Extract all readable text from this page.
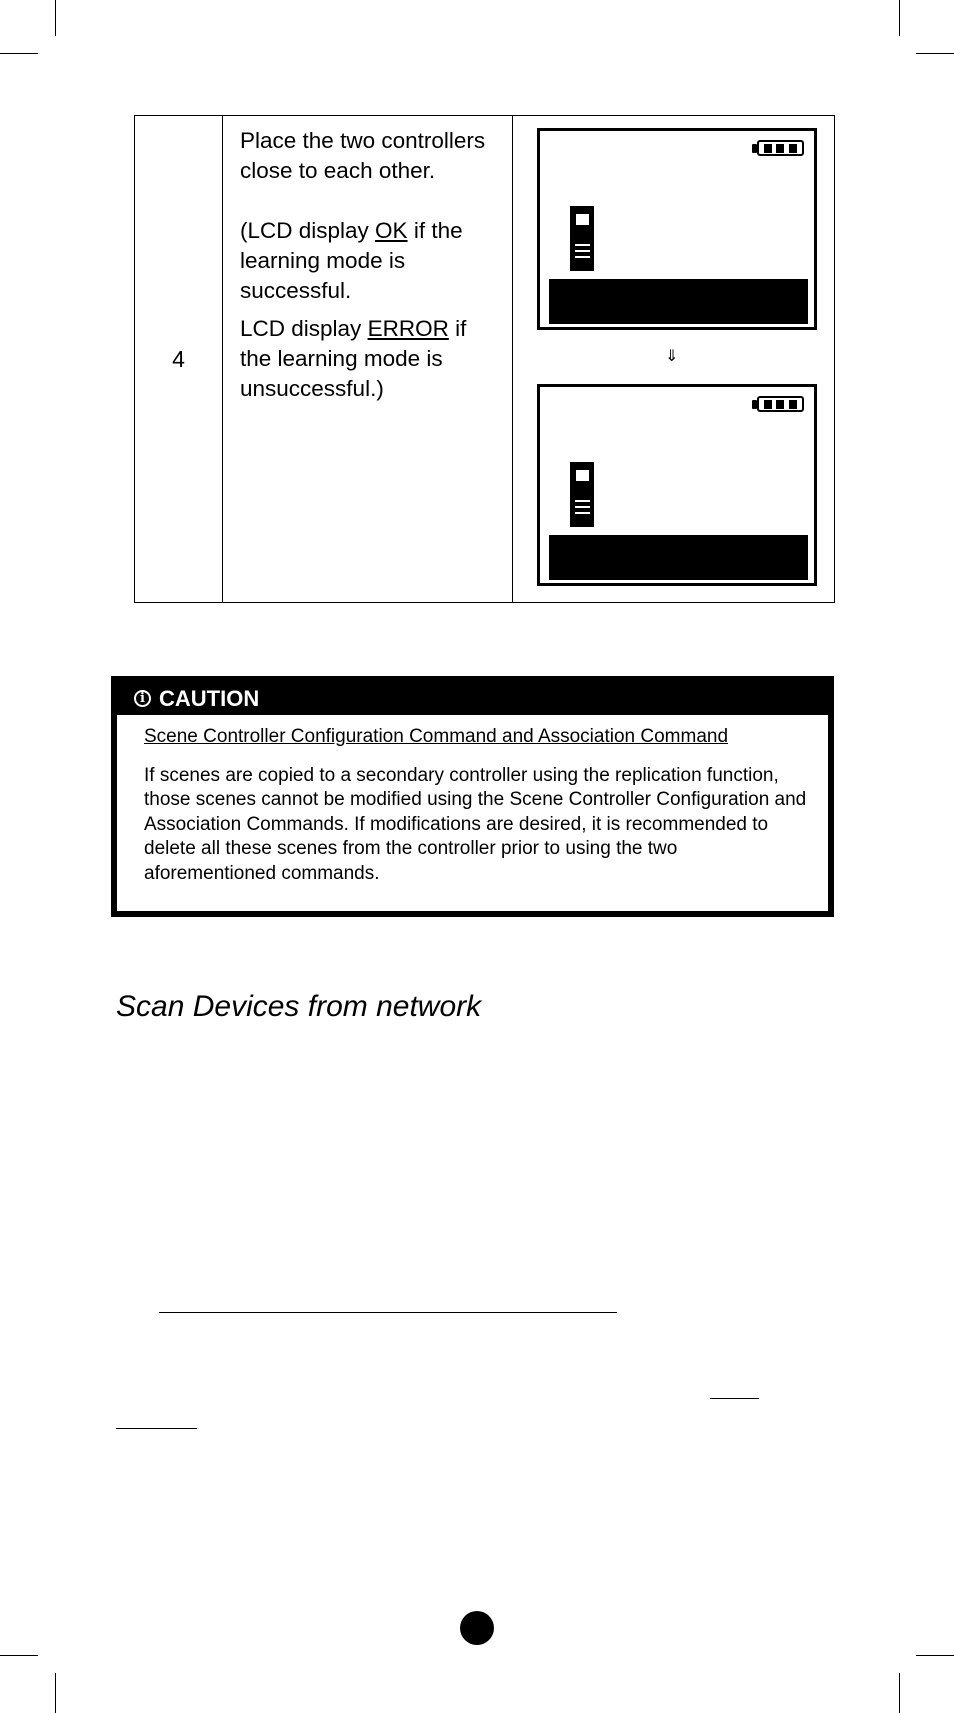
4

Place the two controllers close to each other.

(LCD display OK if the learning mode is successful.

LCD display ERROR if the learning mode is unsuccessful.)

⇓
i CAUTION

Scene Controller Configuration Command and Association Command

If scenes are copied to a secondary controller using the replication function, those scenes cannot be modified using the Scene Controller Configuration and Association Commands. If modifications are desired, it is recommended to delete all these scenes from the controller prior to using the two aforementioned commands.

Scan Devices from network
